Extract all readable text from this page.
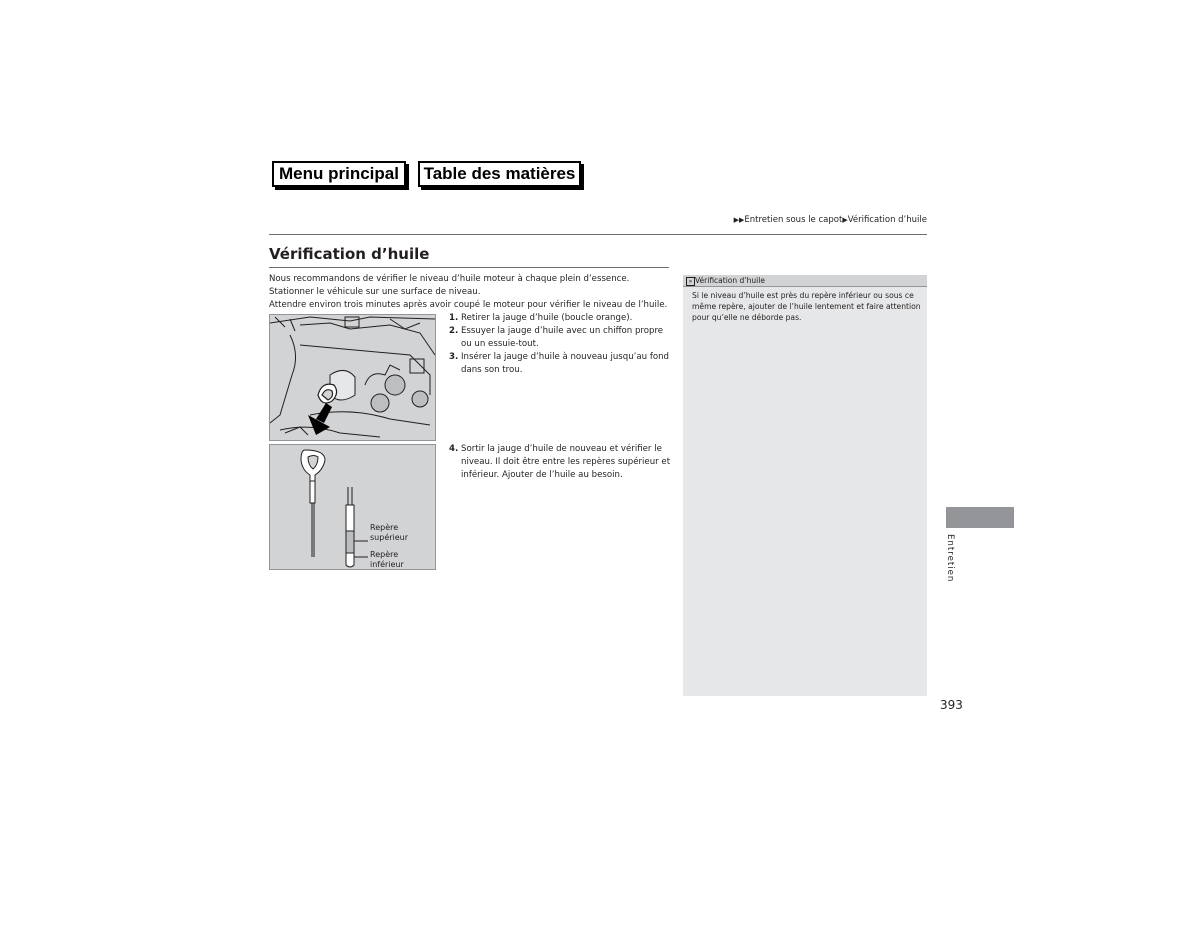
Menu principal	Table des matières
▶▶Entretien sous le capot▶Vérification d’huile
Vérification d’huile
Nous recommandons de vérifier le niveau d’huile moteur à chaque plein d’essence.
Stationner le véhicule sur une surface de niveau.
Attendre environ trois minutes après avoir coupé le moteur pour vérifier le niveau de l’huile.
1. Retirer la jauge d’huile (boucle orange).
2. Essuyer la jauge d’huile avec un chiffon propre ou un essuie-tout.
3. Insérer la jauge d’huile à nouveau jusqu’au fond dans son trou.
Repère
supérieur
Repère
inférieur
4. Sortir la jauge d’huile de nouveau et vérifier le niveau. Il doit être entre les repères supérieur et inférieur. Ajouter de l’huile au besoin.
» Vérification d’huile
Si le niveau d’huile est près du repère inférieur ou sous ce même repère, ajouter de l’huile lentement et faire attention pour qu’elle ne déborde pas.
Entretien
393
